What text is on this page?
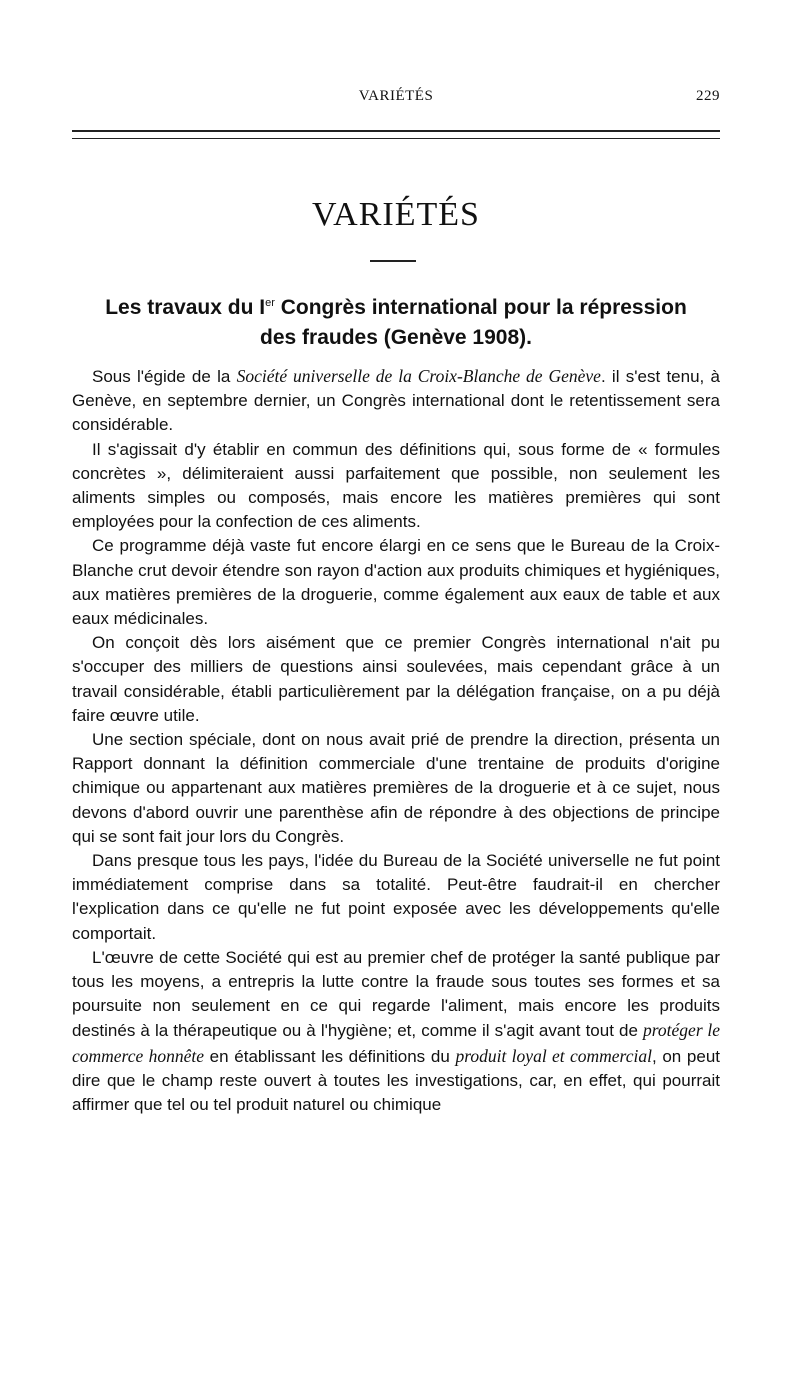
VARIÉTÉS	229
VARIÉTÉS
Les travaux du Ier Congrès international pour la répression
des fraudes (Genève 1908).

Sous l'égide de la Société universelle de la Croix-Blanche de Genève. il s'est tenu, à Genève, en septembre dernier, un Congrès international dont le retentissement sera considérable.

Il s'agissait d'y établir en commun des définitions qui, sous forme de « formules concrètes », délimiteraient aussi parfaitement que possible, non seulement les aliments simples ou composés, mais encore les matières premières qui sont employées pour la confection de ces aliments.

Ce programme déjà vaste fut encore élargi en ce sens que le Bureau de la Croix-Blanche crut devoir étendre son rayon d'action aux produits chimiques et hygiéniques, aux matières premières de la droguerie, comme également aux eaux de table et aux eaux médicinales.

On conçoit dès lors aisément que ce premier Congrès international n'ait pu s'occuper des milliers de questions ainsi soulevées, mais cependant grâce à un travail considérable, établi particulièrement par la délégation française, on a pu déjà faire œuvre utile.

Une section spéciale, dont on nous avait prié de prendre la direction, présenta un Rapport donnant la définition commerciale d'une trentaine de produits d'origine chimique ou appartenant aux matières premières de la droguerie et à ce sujet, nous devons d'abord ouvrir une parenthèse afin de répondre à des objections de principe qui se sont fait jour lors du Congrès.

Dans presque tous les pays, l'idée du Bureau de la Société universelle ne fut point immédiatement comprise dans sa totalité. Peut-être faudrait-il en chercher l'explication dans ce qu'elle ne fut point exposée avec les développements qu'elle comportait.

L'œuvre de cette Société qui est au premier chef de protéger la santé publique par tous les moyens, a entrepris la lutte contre la fraude sous toutes ses formes et sa poursuite non seulement en ce qui regarde l'aliment, mais encore les produits destinés à la thérapeutique ou à l'hygiène; et, comme il s'agit avant tout de protéger le commerce honnête en établissant les définitions du produit loyal et commercial, on peut dire que le champ reste ouvert à toutes les investigations, car, en effet, qui pourrait affirmer que tel ou tel produit naturel ou chimique
